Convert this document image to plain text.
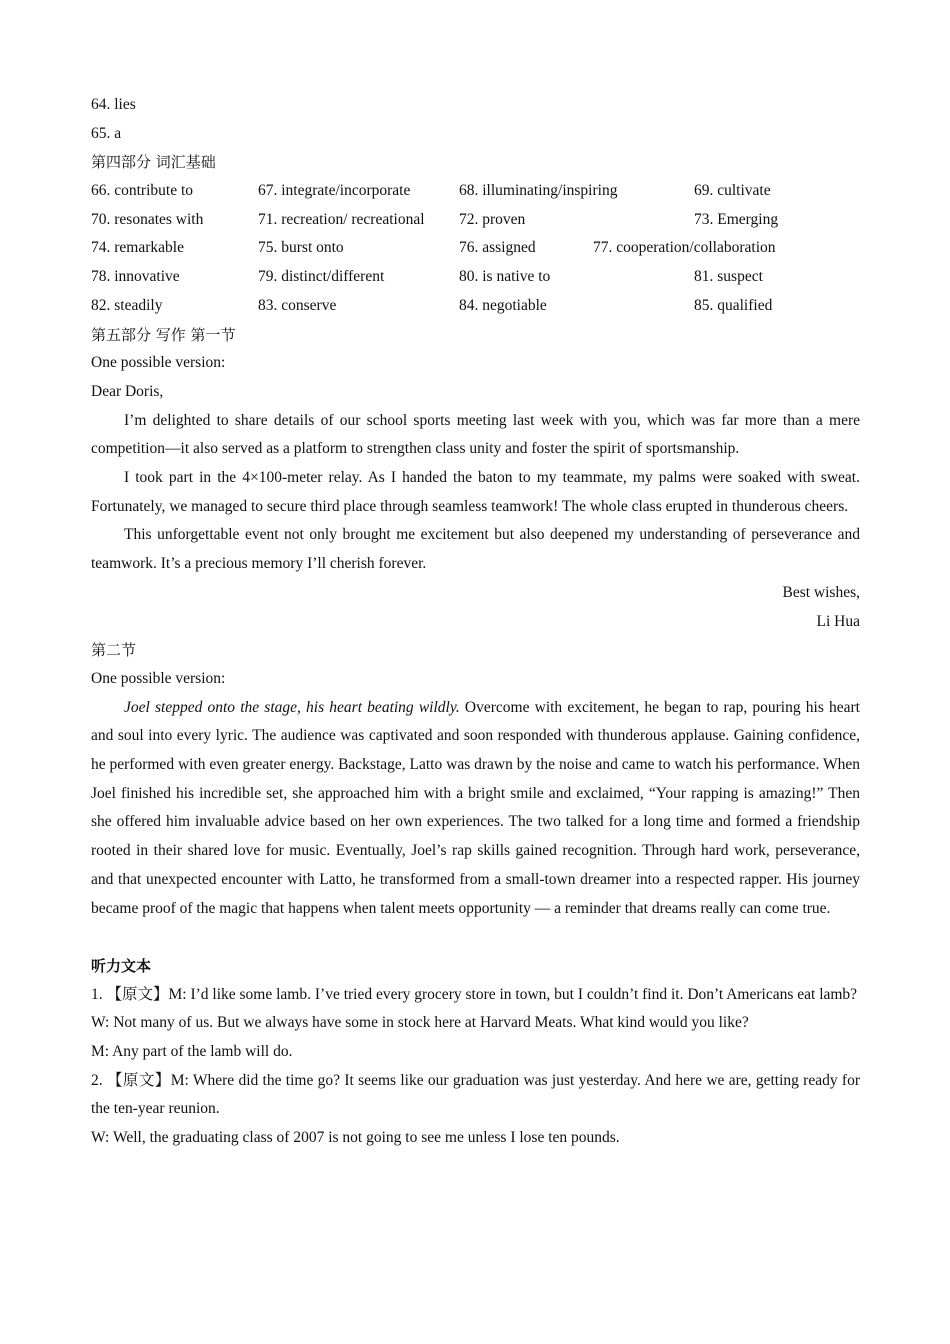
64. lies
65. a
第四部分 词汇基础
66. contribute to	67. integrate/incorporate	68. illuminating/inspiring	69. cultivate
70. resonates with	71. recreation/ recreational 72. proven	73. Emerging
74. remarkable	75. burst onto	76. assigned	77. cooperation/collaboration
78. innovative	79. distinct/different	80. is native to	81. suspect
82. steadily	83. conserve	84. negotiable	85. qualified
第五部分 写作 第一节
One possible version:
Dear Doris,
I’m delighted to share details of our school sports meeting last week with you, which was far more than a mere competition—it also served as a platform to strengthen class unity and foster the spirit of sportsmanship.
I took part in the 4×100-meter relay. As I handed the baton to my teammate, my palms were soaked with sweat. Fortunately, we managed to secure third place through seamless teamwork! The whole class erupted in thunderous cheers.
This unforgettable event not only brought me excitement but also deepened my understanding of perseverance and teamwork. It’s a precious memory I’ll cherish forever.
Best wishes,
Li Hua
第二节
One possible version:
Joel stepped onto the stage, his heart beating wildly. Overcome with excitement, he began to rap, pouring his heart and soul into every lyric. The audience was captivated and soon responded with thunderous applause. Gaining confidence, he performed with even greater energy. Backstage, Latto was drawn by the noise and came to watch his performance. When Joel finished his incredible set, she approached him with a bright smile and exclaimed, “Your rapping is amazing!” Then she offered him invaluable advice based on her own experiences. The two talked for a long time and formed a friendship rooted in their shared love for music. Eventually, Joel’s rap skills gained recognition. Through hard work, perseverance, and that unexpected encounter with Latto, he transformed from a small-town dreamer into a respected rapper. His journey became proof of the magic that happens when talent meets opportunity — a reminder that dreams really can come true.
听力文本
1. 【原文】M: I’d like some lamb. I’ve tried every grocery store in town, but I couldn’t find it. Don’t Americans eat lamb?
W: Not many of us. But we always have some in stock here at Harvard Meats. What kind would you like?
M: Any part of the lamb will do.
2. 【原文】M: Where did the time go? It seems like our graduation was just yesterday. And here we are, getting ready for the ten-year reunion.
W: Well, the graduating class of 2007 is not going to see me unless I lose ten pounds.
